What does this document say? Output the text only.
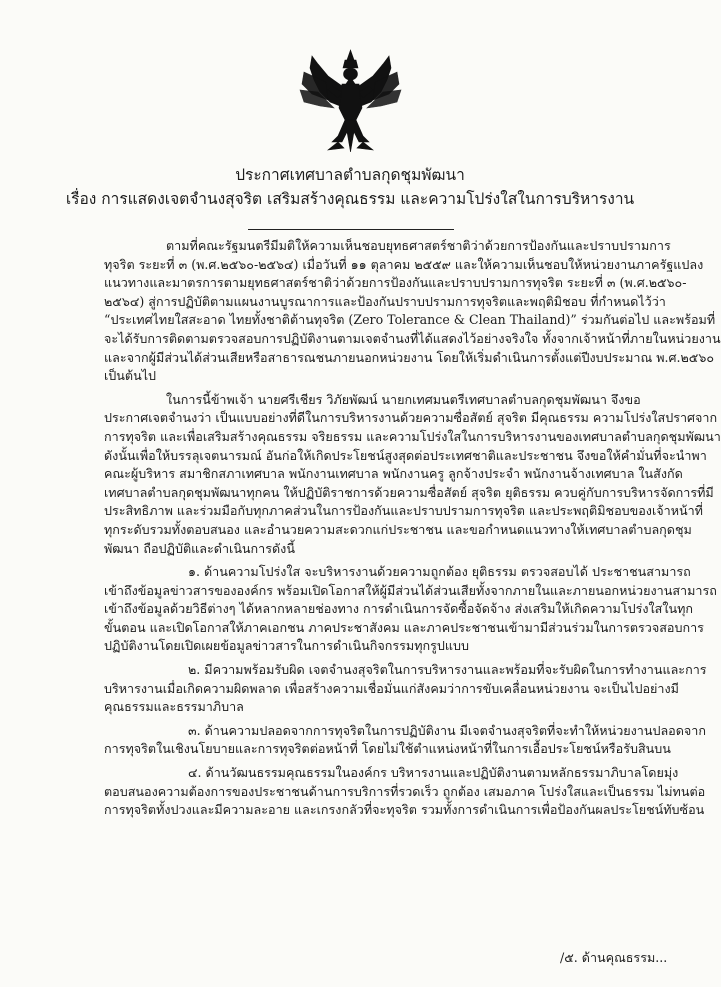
ประกาศเทศบาลตำบลกุดชุมพัฒนา

เรื่อง การแสดงเจตจำนงสุจริต เสริมสร้างคุณธรรม และความโปร่งใสในการบริหารงาน

ตามที่คณะรัฐมนตรีมีมติให้ความเห็นชอบยุทธศาสตร์ชาติว่าด้วยการป้องกันและปราบปรามการ
ทุจริต ระยะที่ ๓ (พ.ศ.๒๕๖๐-๒๕๖๔) เมื่อวันที่ ๑๑ ตุลาคม ๒๕๕๙ และให้ความเห็นชอบให้หน่วยงานภาครัฐแปลง
แนวทางและมาตรการตามยุทธศาสตร์ชาติว่าด้วยการป้องกันและปราบปรามการทุจริต ระยะที่ ๓ (พ.ศ.๒๕๖๐-
๒๕๖๔) สู่การปฏิบัติตามแผนงานบูรณาการและป้องกันปราบปรามการทุจริตและพฤติมิชอบ ที่กำหนดไว้ว่า
“ประเทศไทยใสสะอาด ไทยทั้งชาติต้านทุจริต (Zero Tolerance & Clean Thailand)” ร่วมกันต่อไป และพร้อมที่
จะได้รับการติดตามตรวจสอบการปฏิบัติงานตามเจตจำนงที่ได้แสดงไว้อย่างจริงใจ ทั้งจากเจ้าหน้าที่ภายในหน่วยงาน
และจากผู้มีส่วนได้ส่วนเสียหรือสาธารณชนภายนอกหน่วยงาน โดยให้เริ่มดำเนินการตั้งแต่ปีงบประมาณ พ.ศ.๒๕๖๐
เป็นต้นไป
ในการนี้ข้าพเจ้า นายศรีเชียร วิภัยพัฒน์ นายกเทศมนตรีเทศบาลตำบลกุดชุมพัฒนา จึงขอ
ประกาศเจตจำนงว่า เป็นแบบอย่างที่ดีในการบริหารงานด้วยความซื่อสัตย์ สุจริต มีคุณธรรม ความโปร่งใสปราศจาก
การทุจริต และเพื่อเสริมสร้างคุณธรรม จริยธรรม และความโปร่งใสในการบริหารงานของเทศบาลตำบลกุดชุมพัฒนา
ดังนั้นเพื่อให้บรรลุเจตนารมณ์ อันก่อให้เกิดประโยชน์สูงสุดต่อประเทศชาติและประชาชน จึงขอให้คำมั่นที่จะนำพา
คณะผู้บริหาร สมาชิกสภาเทศบาล พนักงานเทศบาล พนักงานครู ลูกจ้างประจำ พนักงานจ้างเทศบาล ในสังกัด
เทศบาลตำบลกุดชุมพัฒนาทุกคน ให้ปฏิบัติราชการด้วยความซื่อสัตย์ สุจริต ยุติธรรม ควบคู่กับการบริหารจัดการที่มี
ประสิทธิภาพ และร่วมมือกับทุกภาคส่วนในการป้องกันและปราบปรามการทุจริต และประพฤติมิชอบของเจ้าหน้าที่
ทุกระดับรวมทั้งตอบสนอง และอำนวยความสะดวกแก่ประชาชน และขอกำหนดแนวทางให้เทศบาลตำบลกุดชุม
พัฒนา ถือปฏิบัติและดำเนินการดังนี้
๑. ด้านความโปร่งใส จะบริหารงานด้วยความถูกต้อง ยุติธรรม ตรวจสอบได้ ประชาชนสามารถ
เข้าถึงข้อมูลข่าวสารขององค์กร พร้อมเปิดโอกาสให้ผู้มีส่วนได้ส่วนเสียทั้งจากภายในและภายนอกหน่วยงานสามารถ
เข้าถึงข้อมูลด้วยวิธีต่างๆ ได้หลากหลายช่องทาง การดำเนินการจัดซื้อจัดจ้าง ส่งเสริมให้เกิดความโปร่งใสในทุก
ขั้นตอน และเปิดโอกาสให้ภาคเอกชน ภาคประชาสังคม และภาคประชาชนเข้ามามีส่วนร่วมในการตรวจสอบการ
ปฏิบัติงานโดยเปิดเผยข้อมูลข่าวสารในการดำเนินกิจกรรมทุกรูปแบบ
๒. มีความพร้อมรับผิด เจตจำนงสุจริตในการบริหารงานและพร้อมที่จะรับผิดในการทำงานและการ
บริหารงานเมื่อเกิดความผิดพลาด เพื่อสร้างความเชื่อมั่นแก่สังคมว่าการขับเคลื่อนหน่วยงาน จะเป็นไปอย่างมี
คุณธรรมและธรรมาภิบาล
๓. ด้านความปลอดจากการทุจริตในการปฏิบัติงาน มีเจตจำนงสุจริตที่จะทำให้หน่วยงานปลอดจาก
การทุจริตในเชิงนโยบายและการทุจริตต่อหน้าที่ โดยไม่ใช้ตำแหน่งหน้าที่ในการเอื้อประโยชน์หรือรับสินบน
๔. ด้านวัฒนธรรมคุณธรรมในองค์กร บริหารงานและปฏิบัติงานตามหลักธรรมาภิบาลโดยมุ่ง
ตอบสนองความต้องการของประชาชนด้านการบริการที่รวดเร็ว ถูกต้อง เสมอภาค โปร่งใสและเป็นธรรม ไม่ทนต่อ
การทุจริตทั้งปวงและมีความละอาย และเกรงกลัวที่จะทุจริต รวมทั้งการดำเนินการเพื่อป้องกันผลประโยชน์ทับซ้อน
/๕. ด้านคุณธรรม...
